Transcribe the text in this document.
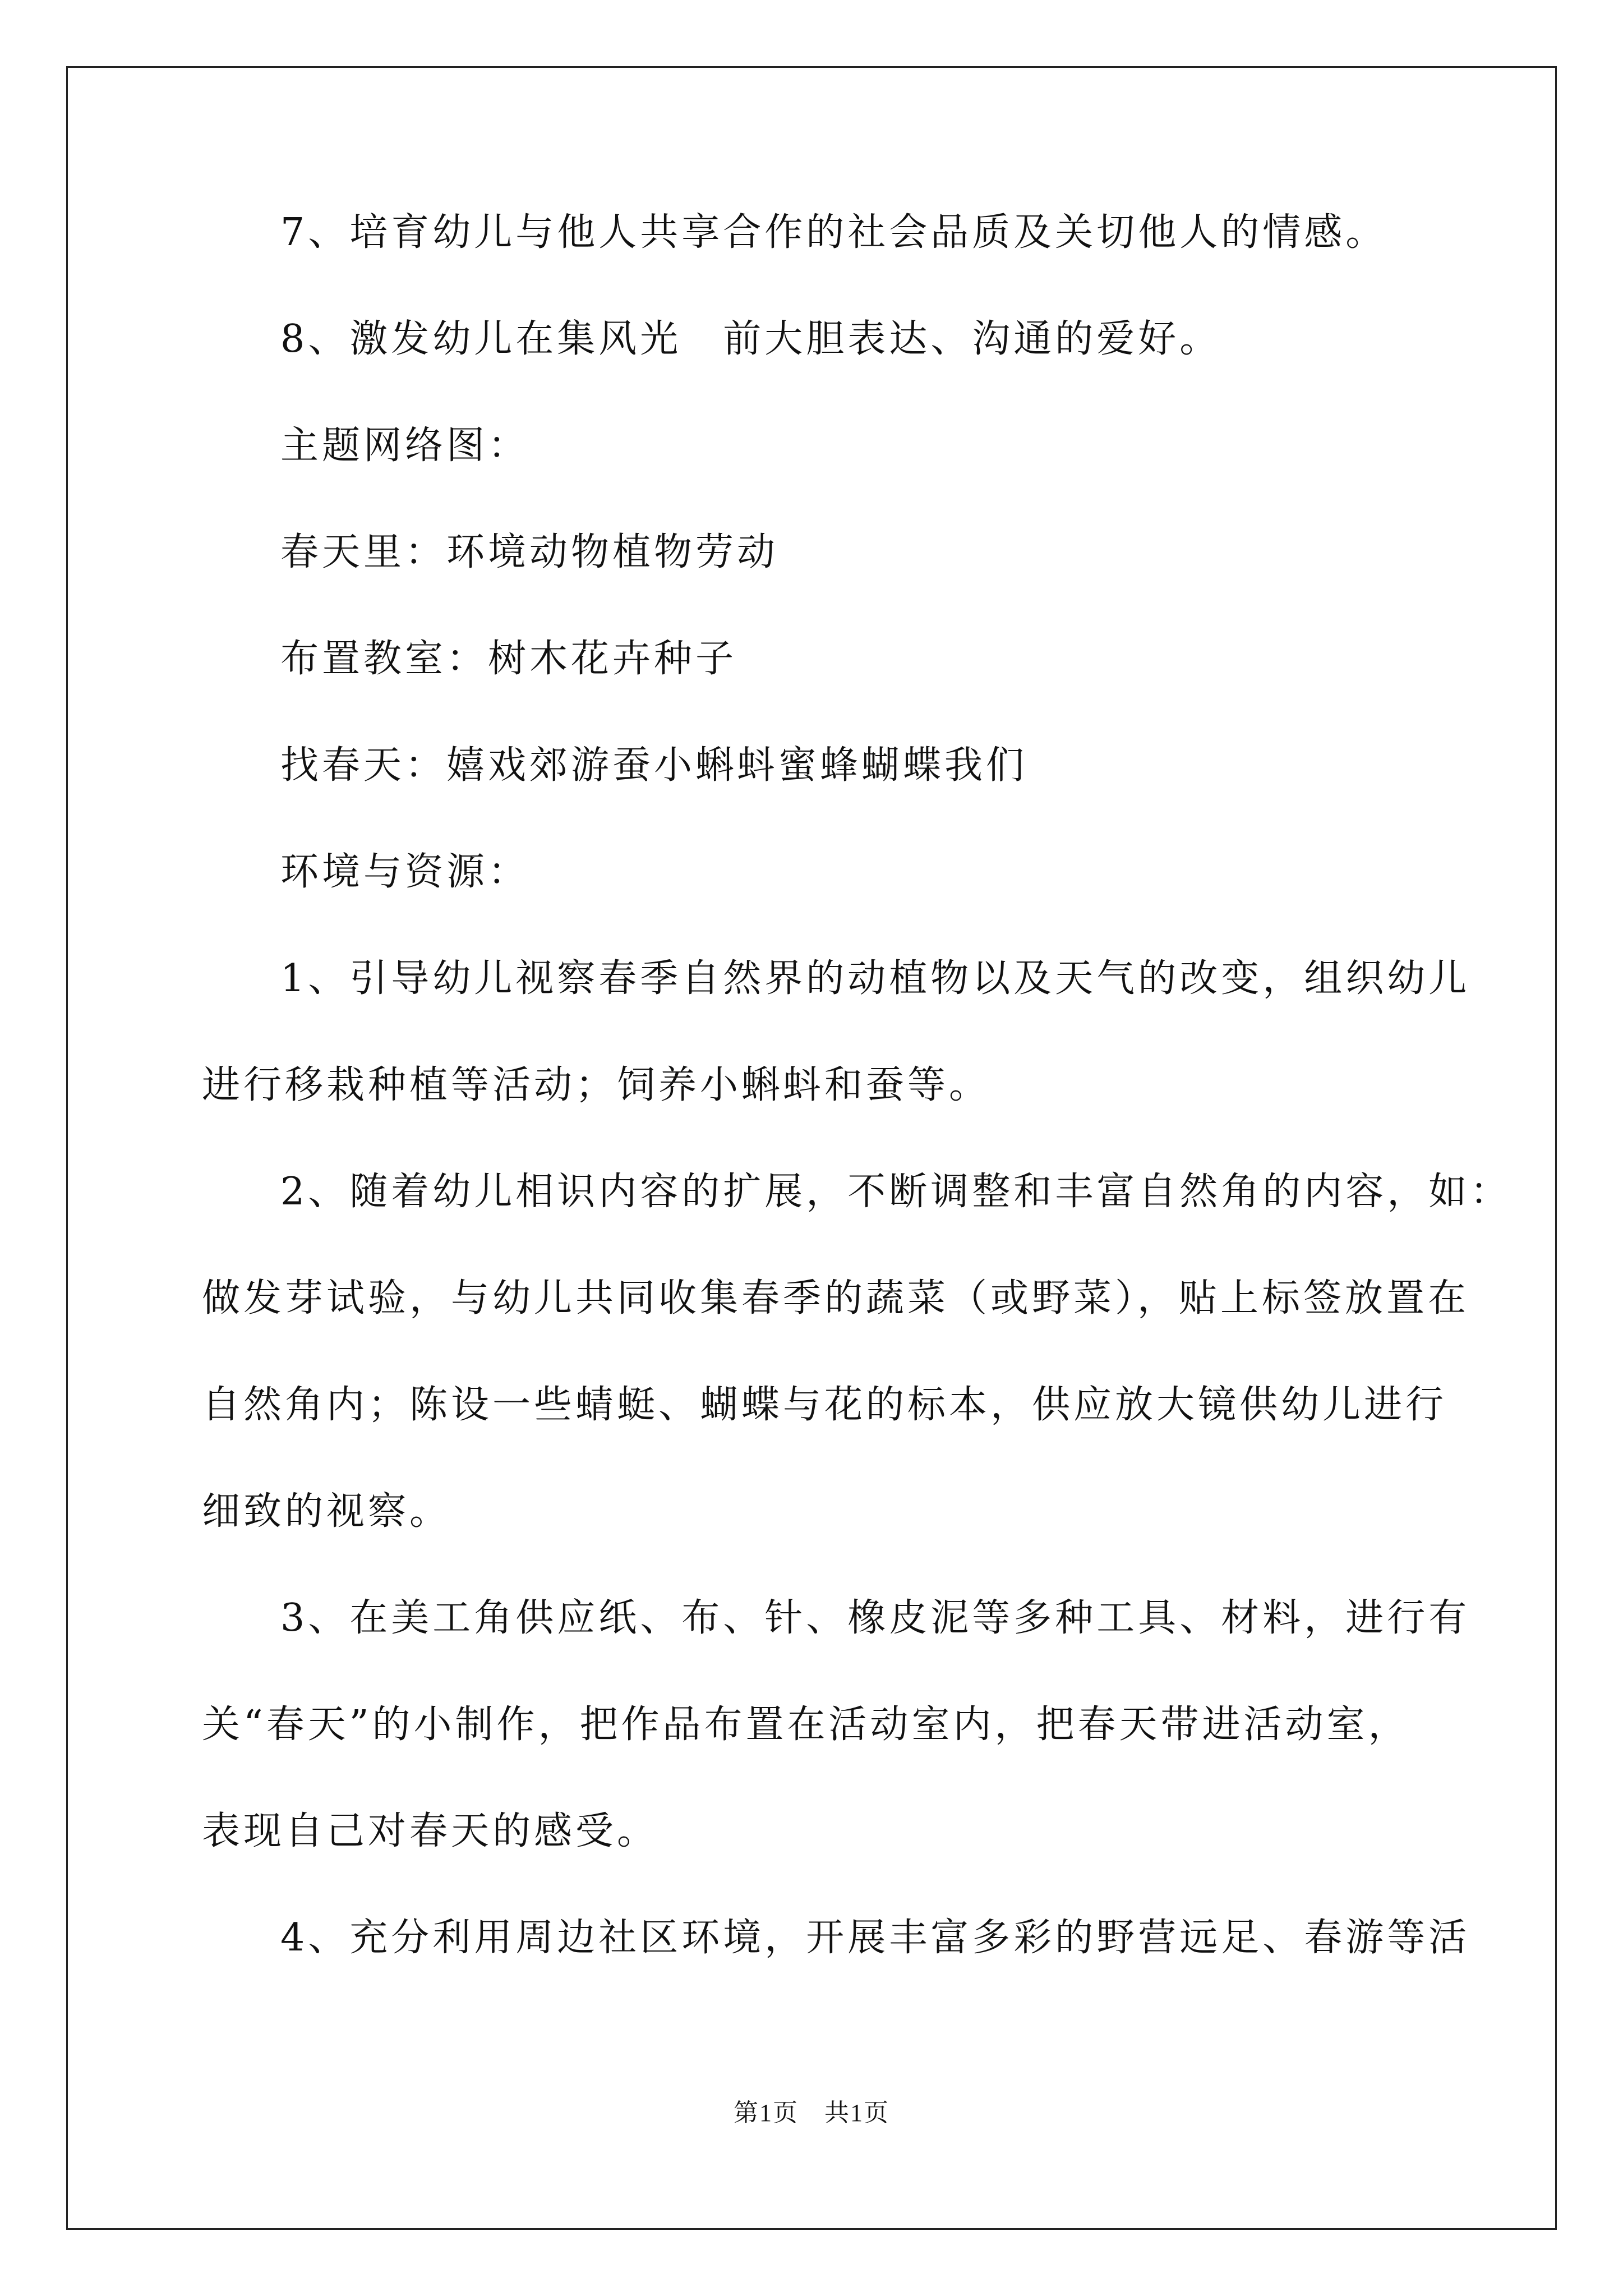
7、培育幼儿与他人共享合作的社会品质及关切他人的情感。
8、激发幼儿在集风光　前大胆表达、沟通的爱好。
主题网络图：
春天里：环境动物植物劳动
布置教室：树木花卉种子
找春天：嬉戏郊游蚕小蝌蚪蜜蜂蝴蝶我们
环境与资源：
1、引导幼儿视察春季自然界的动植物以及天气的改变，组织幼儿
进行移栽种植等活动；饲养小蝌蚪和蚕等。
2、随着幼儿相识内容的扩展，不断调整和丰富自然角的内容，如：
做发芽试验，与幼儿共同收集春季的蔬菜（或野菜），贴上标签放置在
自然角内；陈设一些蜻蜓、蝴蝶与花的标本，供应放大镜供幼儿进行
细致的视察。
3、在美工角供应纸、布、针、橡皮泥等多种工具、材料，进行有
关“春天”的小制作，把作品布置在活动室内，把春天带进活动室，
表现自己对春天的感受。
4、充分利用周边社区环境，开展丰富多彩的野营远足、春游等活
第1页　共1页
